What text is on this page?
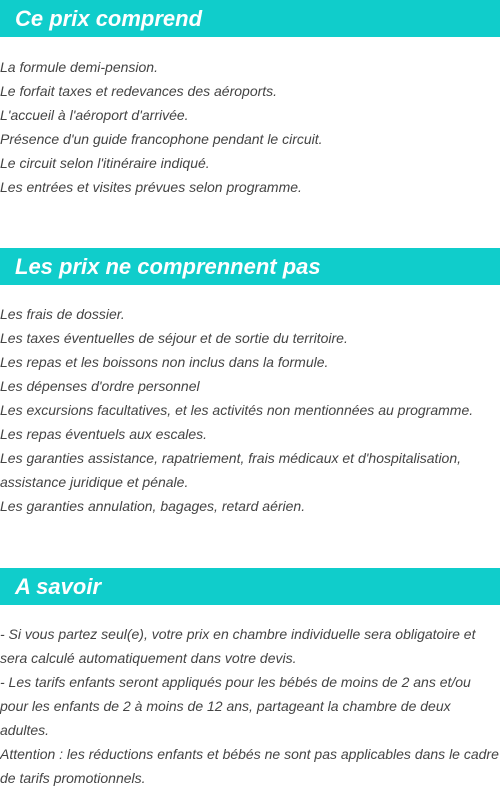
Ce prix comprend
La formule demi-pension.
Le forfait taxes et redevances des aéroports.
L'accueil à l'aéroport d'arrivée.
Présence d'un guide francophone pendant le circuit.
Le circuit selon l'itinéraire indiqué.
Les entrées et visites prévues selon programme.
Les prix ne comprennent pas
Les frais de dossier.
Les taxes éventuelles de séjour et de sortie du territoire.
Les repas et les boissons non inclus dans la formule.
Les dépenses d'ordre personnel
Les excursions facultatives, et les activités non mentionnées au programme.
Les repas éventuels aux escales.
Les garanties assistance, rapatriement, frais médicaux et d'hospitalisation, assistance juridique et pénale.
Les garanties annulation, bagages, retard aérien.
A savoir
- Si vous partez seul(e), votre prix en chambre individuelle sera obligatoire et sera calculé automatiquement dans votre devis.
- Les tarifs enfants seront appliqués pour les bébés de moins de 2 ans et/ou pour les enfants de 2 à moins de 12 ans, partageant la chambre de deux adultes.
Attention : les réductions enfants et bébés ne sont pas applicables dans le cadre de tarifs promotionnels.
